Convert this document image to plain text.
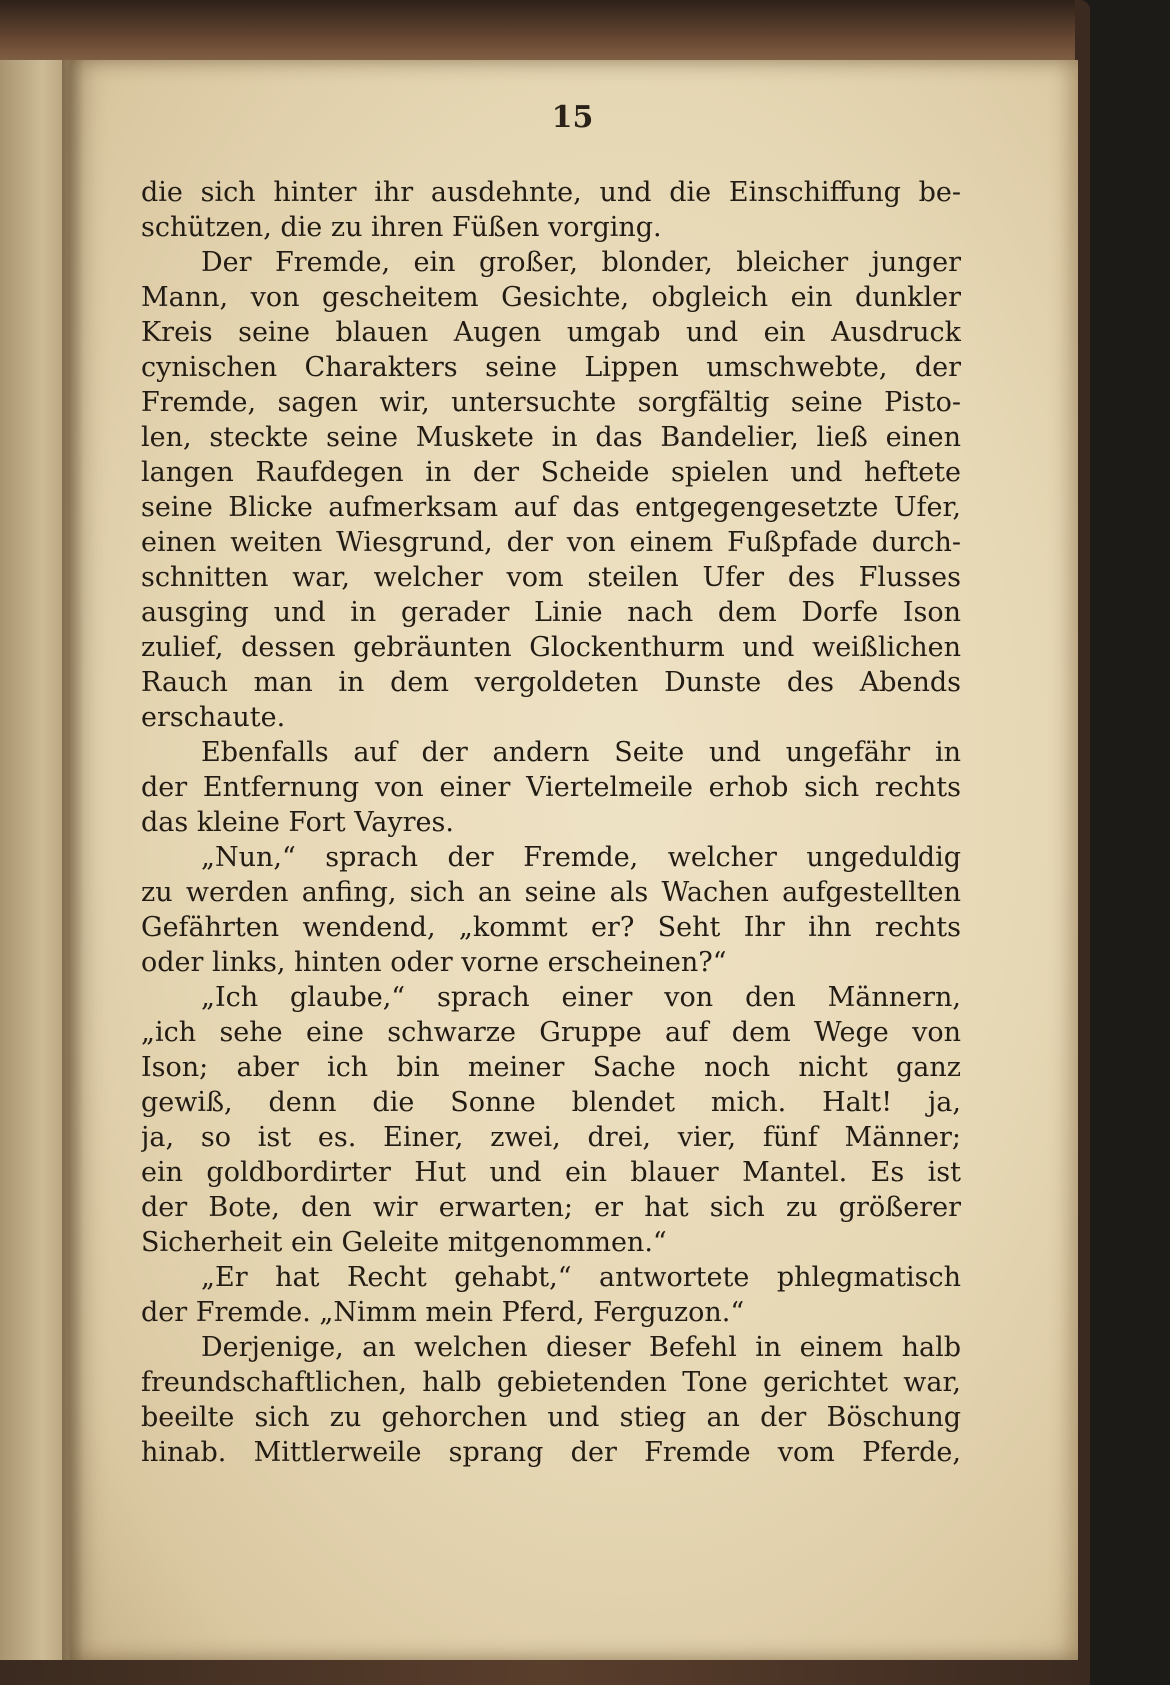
15
die sich hinter ihr ausdehnte, und die Einschiffung be-
schützen, die zu ihren Füßen vorging.
Der Fremde, ein großer, blonder, bleicher junger
Mann, von gescheitem Gesichte, obgleich ein dunkler
Kreis seine blauen Augen umgab und ein Ausdruck
cynischen Charakters seine Lippen umschwebte, der
Fremde, sagen wir, untersuchte sorgfältig seine Pisto-
len, steckte seine Muskete in das Bandelier, ließ einen
langen Raufdegen in der Scheide spielen und heftete
seine Blicke aufmerksam auf das entgegengesetzte Ufer,
einen weiten Wiesgrund, der von einem Fußpfade durch-
schnitten war, welcher vom steilen Ufer des Flusses
ausging und in gerader Linie nach dem Dorfe Ison
zulief, dessen gebräunten Glockenthurm und weißlichen
Rauch man in dem vergoldeten Dunste des Abends
erschaute.
Ebenfalls auf der andern Seite und ungefähr in
der Entfernung von einer Viertelmeile erhob sich rechts
das kleine Fort Vayres.
„Nun,“ sprach der Fremde, welcher ungeduldig
zu werden anfing, sich an seine als Wachen aufgestellten
Gefährten wendend, „kommt er? Seht Ihr ihn rechts
oder links, hinten oder vorne erscheinen?“
„Ich glaube,“ sprach einer von den Männern,
„ich sehe eine schwarze Gruppe auf dem Wege von
Ison; aber ich bin meiner Sache noch nicht ganz
gewiß, denn die Sonne blendet mich. Halt! ja,
ja, so ist es. Einer, zwei, drei, vier, fünf Männer;
ein goldbordirter Hut und ein blauer Mantel. Es ist
der Bote, den wir erwarten; er hat sich zu größerer
Sicherheit ein Geleite mitgenommen.“
„Er hat Recht gehabt,“ antwortete phlegmatisch
der Fremde. „Nimm mein Pferd, Ferguzon.“
Derjenige, an welchen dieser Befehl in einem halb
freundschaftlichen, halb gebietenden Tone gerichtet war,
beeilte sich zu gehorchen und stieg an der Böschung
hinab. Mittlerweile sprang der Fremde vom Pferde,
